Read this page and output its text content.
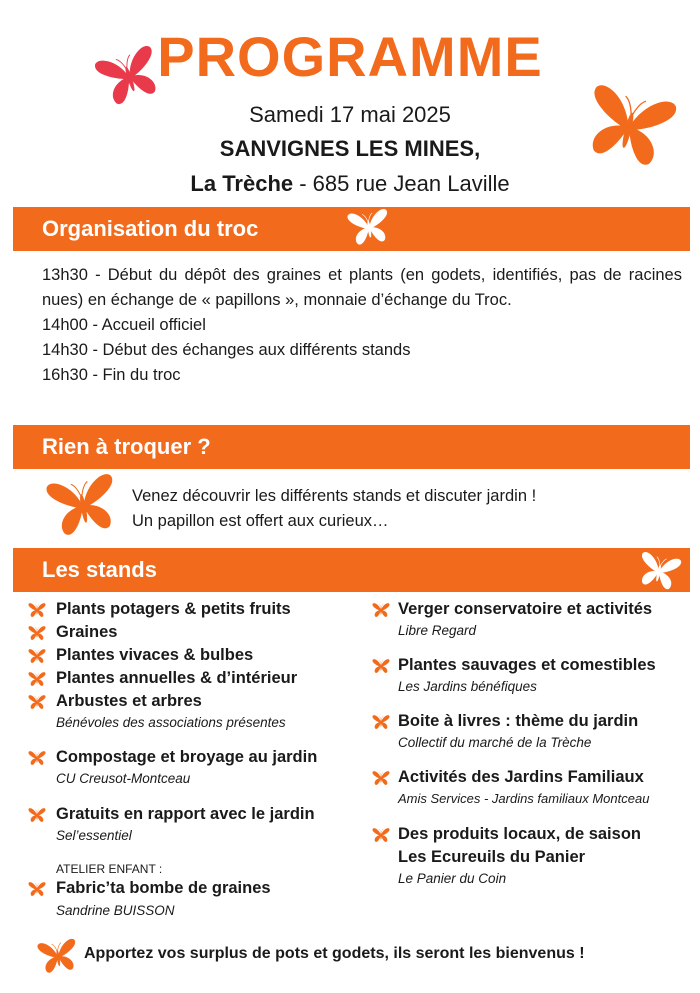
PROGRAMME
Samedi 17 mai 2025
SANVIGNES LES MINES,
La Trèche - 685 rue Jean Laville
Organisation du troc

13h30 - Début du dépôt des graines et plants (en godets, identifiés, pas de racines nues) en échange de « papillons », monnaie d’échange du Troc.

14h00 - Accueil officiel

14h30 - Début des échanges aux différents stands

16h30 - Fin du troc

Rien à troquer ?
Venez découvrir les différents stands et discuter jardin !
Un papillon est offert aux curieux…
Les stands
Plants potagers & petits fruits
Graines
Plantes vivaces & bulbes
Plantes annuelles & d’intérieur
Arbustes et arbres
Bénévoles des associations présentes
Compostage et broyage au jardin
CU Creusot-Montceau
Gratuits en rapport avec le jardin
Sel’essentiel
ATELIER ENFANT :
Fabric’ta bombe de graines
Sandrine BUISSON
Verger conservatoire et activités
Libre Regard
Plantes sauvages et comestibles
Les Jardins bénéfiques
Boite à livres : thème du jardin
Collectif du marché de la Trèche
Activités des Jardins Familiaux
Amis Services - Jardins familiaux Montceau
Des produits locaux, de saison
Les Ecureuils du Panier
Le Panier du Coin
Apportez vos surplus de pots et godets, ils seront les bienvenus !
